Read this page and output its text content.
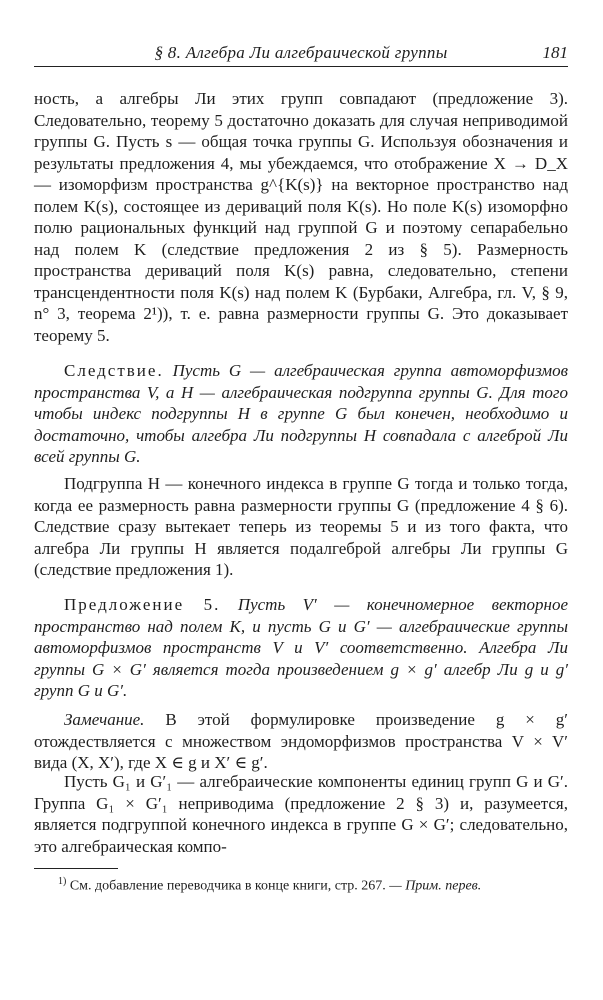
§ 8. Алгебра Ли алгебраической группы	181

ность, а алгебры Ли этих групп совпадают (предложение 3). Следовательно, теорему 5 достаточно доказать для случая неприводимой группы G. Пусть s — общая точка группы G. Используя обозначения и результаты предложения 4, мы убеждаемся, что отображение X → D_X — изоморфизм пространства g^{K(s)} на векторное пространство над полем K(s), состоящее из дериваций поля K(s). Но поле K(s) изоморфно полю рациональных функций над группой G и поэтому сепарабельно над полем K (следствие предложения 2 из § 5). Размерность пространства дериваций поля K(s) равна, следовательно, степени трансцендентности поля K(s) над полем K (Бурбаки, Алгебра, гл. V, § 9, n° 3, теорема 2¹)), т. е. равна размерности группы G. Это доказывает теорему 5.

Следствие. Пусть G — алгебраическая группа автоморфизмов пространства V, а H — алгебраическая подгруппа группы G. Для того чтобы индекс подгруппы H в группе G был конечен, необходимо и достаточно, чтобы алгебра Ли подгруппы H совпадала с алгеброй Ли всей группы G.

Подгруппа H — конечного индекса в группе G тогда и только тогда, когда ее размерность равна размерности группы G (предложение 4 § 6). Следствие сразу вытекает теперь из теоремы 5 и из того факта, что алгебра Ли группы H является подалгеброй алгебры Ли группы G (следствие предложения 1).

Предложение 5. Пусть V′ — конечномерное векторное пространство над полем K, и пусть G и G′ — алгебраические группы автоморфизмов пространств V и V′ соответственно. Алгебра Ли группы G × G′ является тогда произведением g × g′ алгебр Ли g и g′ групп G и G′.

Замечание. В этой формулировке произведение g × g′ отождествляется с множеством эндоморфизмов пространства V × V′ вида (X, X′), где X ∈ g и X′ ∈ g′.

Пусть G₁ и G′₁ — алгебраические компоненты единиц групп G и G′. Группа G₁ × G′₁ неприводима (предложение 2 § 3) и, разумеется, является подгруппой конечного индекса в группе G × G′; следовательно, это алгебраическая компо-

$^{1)}$ См. добавление переводчика в конце книги, стр. 267. — Прим. перев.
